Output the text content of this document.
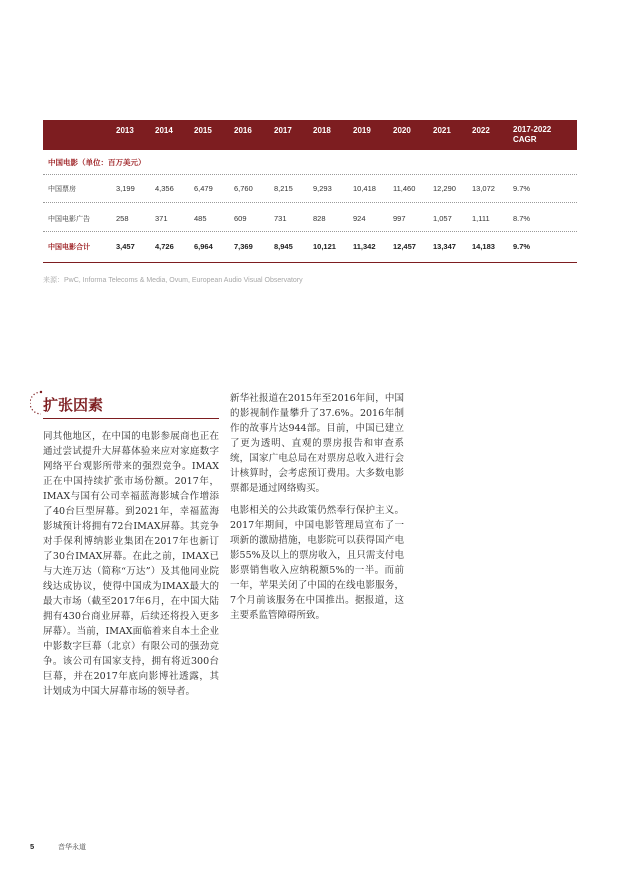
2013	2014	2015	2016	2017	2018	2019	2020	2021	2022	2017-2022
CAGR
中国电影（单位：百万美元）
中国票房	3,199	4,356	6,479	6,760	8,215	9,293	10,418 11,460 12,290 13,072 9.7%
中国电影广告	258	371	485	609	731	828	924	997	1,057	1,111	8.7%
中国电影合计	3,457	4,726	6,964	7,369	8,945	10,121 11,342 12,457 13,347 14,183 9.7%
来源：PwC, Informa Telecoms & Media, Ovum, European Audio Visual Observatory
扩张因素

同其他地区，在中国的电影参展商也正在通过尝试提升大屏幕体验来应对家庭数字网络平台观影所带来的强烈竞争。IMAX正在中国持续扩张市场份额。2017年，IMAX与国有公司幸福蓝海影城合作增添了40台巨型屏幕。到2021年，幸福蓝海影城预计将拥有72台IMAX屏幕。其竞争对手保利博纳影业集团在2017年也新订了30台IMAX屏幕。在此之前，IMAX已与大连万达（简称“万达”）及其他同业院线达成协议，使得中国成为IMAX最大的最大市场（截至2017年6月，在中国大陆拥有430台商业屏幕，后续还将投入更多屏幕）。当前，IMAX面临着来自本土企业中影数字巨幕（北京）有限公司的强劲竞争。该公司有国家支持，拥有将近300台巨幕，并在2017年底向影博社透露，其计划成为中国大屏幕市场的领导者。

新华社报道在2015年至2016年间，中国的影视制作量攀升了37.6%。2016年制作的故事片达944部。目前，中国已建立了更为透明、直观的票房报告和审查系统，国家广电总局在对票房总收入进行会计核算时，会考虑预订费用。大多数电影票都是通过网络购买。

电影相关的公共政策仍然奉行保护主义。2017年期间，中国电影管理局宣布了一项新的激励措施，电影院可以获得国产电影55%及以上的票房收入，且只需支付电影票销售收入应纳税额5%的一半。而前一年，苹果关闭了中国的在线电影服务，7个月前该服务在中国推出。据报道，这主要系监管障碍所致。

5	音华永道
